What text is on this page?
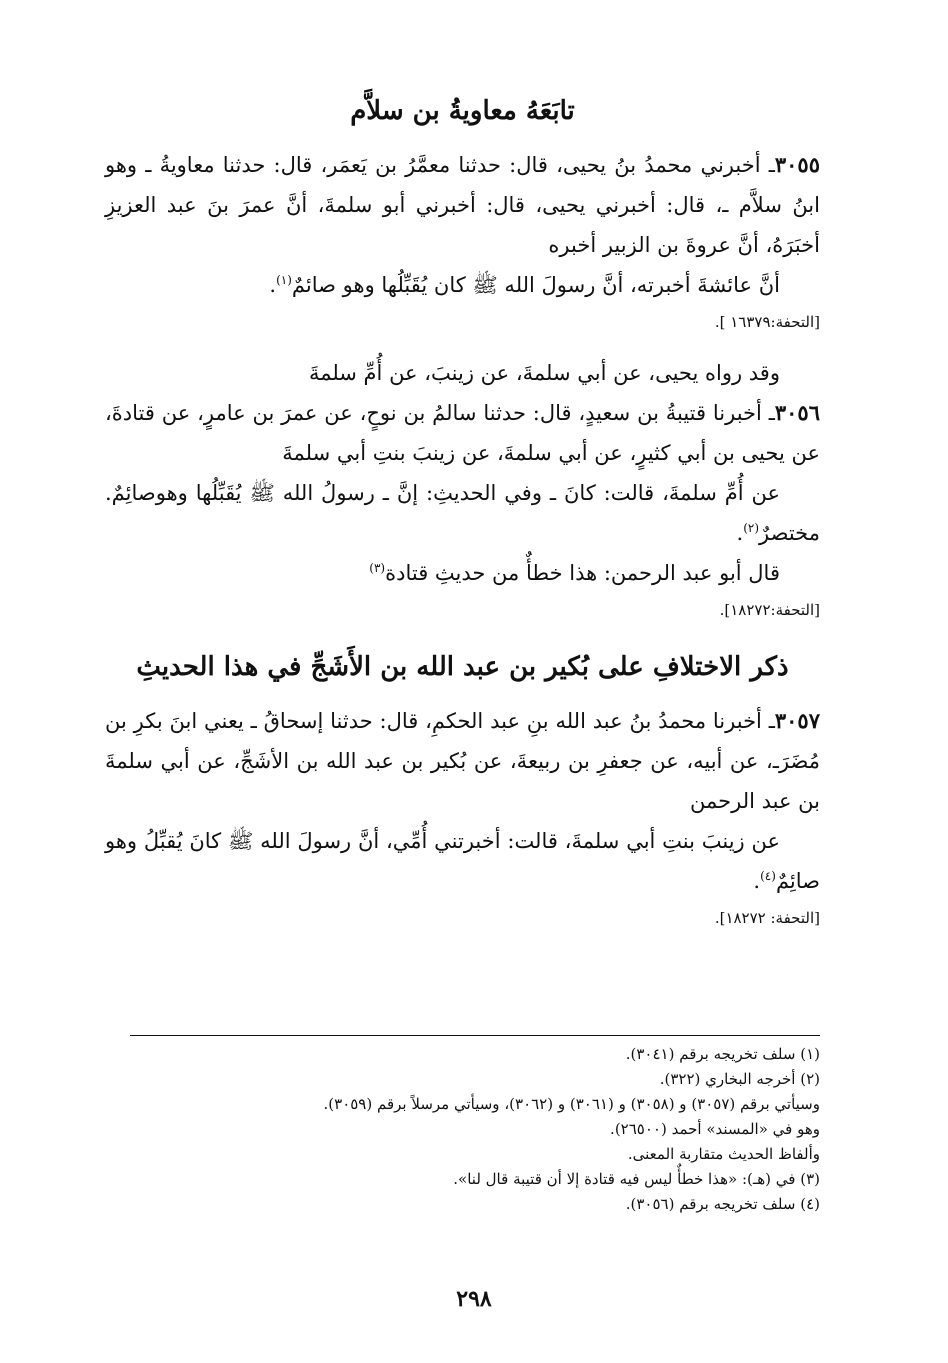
تابَعَهُ معاويةُ بن سلاَّم

٣٠٥٥ـ أخبرني محمدُ بنُ يحيى، قال: حدثنا معمَّرُ بن يَعمَر، قال: حدثنا معاويةُ ـ وهو ابنُ سلاَّم ـ، قال: أخبرني يحيى، قال: أخبرني أبو سلمةَ، أنَّ عمرَ بنَ عبد العزيزِ أخبَرَهُ، أنَّ عروةَ بن الزبير أخبره

أنَّ عائشةَ أخبرته، أنَّ رسولَ الله ﷺ كان يُقَبِّلُها وهو صائمٌ$^{(١)}$.

[التحفة:١٦٣٧٩ ].

وقد رواه يحيى، عن أبي سلمةَ، عن زينبَ، عن أُمِّ سلمةَ

٣٠٥٦ـ أخبرنا قتيبةُ بن سعيدٍ، قال: حدثنا سالمُ بن نوحٍ، عن عمرَ بن عامرٍ، عن قتادةَ، عن يحيى بن أبي كثيرٍ، عن أبي سلمةَ، عن زينبَ بنتِ أبي سلمةَ

عن أُمِّ سلمةَ، قالت: كانَ ـ وفي الحديثِ: إنَّ ـ رسولُ الله ﷺ يُقَبِّلُها وهوصائِمٌ. مختصرٌ$^{(٢)}$.

قال أبو عبد الرحمن: هذا خطأٌ من حديثِ قتادة$^{(٣)}$

[التحفة:١٨٢٧٢].
ذكر الاختلافِ على بُكير بن عبد الله بن الأَشَجِّ في هذا الحديثِ

٣٠٥٧ـ أخبرنا محمدُ بنُ عبد الله بنِ عبد الحكمِ، قال: حدثنا إسحاقُ ـ يعني ابنَ بكرِ بن مُضَرَـ، عن أبيه، عن جعفرِ بن ربيعةَ، عن بُكير بن عبد الله بن الأشَجِّ، عن أبي سلمةَ بن عبد الرحمن

عن زينبَ بنتِ أبي سلمةَ، قالت: أخبرتني أُمِّي، أنَّ رسولَ الله ﷺ كانَ يُقبِّلُ وهو صائِمٌ$^{(٤)}$.

[التحفة: ١٨٢٧٢].

(١) سلف تخريجه برقم (٣٠٤١).

(٢) أخرجه البخاري (٣٢٢).

وسيأتي برقم (٣٠٥٧) و (٣٠٥٨) و (٣٠٦١) و (٣٠٦٢)، وسيأتي مرسلاً برقم (٣٠٥٩).

وهو في «المسند» أحمد (٢٦٥٠٠).

وألفاظ الحديث متقاربة المعنى.

(٣) في (هـ): «هذا خطأٌ ليس فيه قتادة إلا أن قتيبة قال لنا».

(٤) سلف تخريجه برقم (٣٠٥٦).

٢٩٨
